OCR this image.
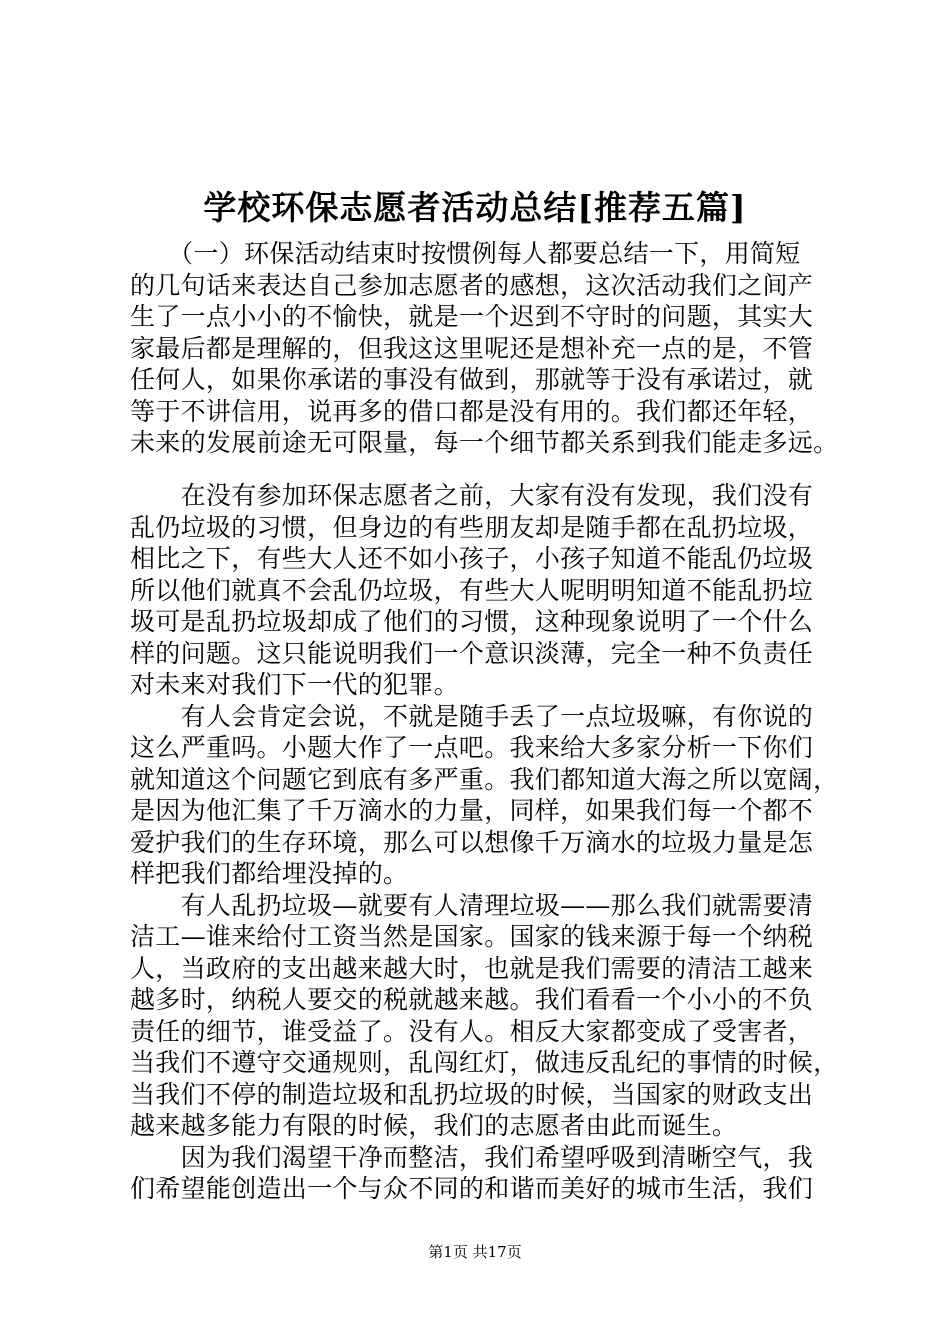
学校环保志愿者活动总结[推荐五篇]
　　（一）环保活动结束时按惯例每人都要总结一下，用简短
的几句话来表达自己参加志愿者的感想，这次活动我们之间产
生了一点小小的不愉快，就是一个迟到不守时的问题，其实大
家最后都是理解的，但我这这里呢还是想补充一点的是，不管
任何人，如果你承诺的事没有做到，那就等于没有承诺过，就
等于不讲信用，说再多的借口都是没有用的。我们都还年轻，
未来的发展前途无可限量，每一个细节都关系到我们能走多远。
　　在没有参加环保志愿者之前，大家有没有发现，我们没有
乱仍垃圾的习惯，但身边的有些朋友却是随手都在乱扔垃圾，
相比之下，有些大人还不如小孩子，小孩子知道不能乱仍垃圾
所以他们就真不会乱仍垃圾，有些大人呢明明知道不能乱扔垃
圾可是乱扔垃圾却成了他们的习惯，这种现象说明了一个什么
样的问题。这只能说明我们一个意识淡薄，完全一种不负责任
对未来对我们下一代的犯罪。
　　有人会肯定会说，不就是随手丢了一点垃圾嘛，有你说的
这么严重吗。小题大作了一点吧。我来给大多家分析一下你们
就知道这个问题它到底有多严重。我们都知道大海之所以宽阔，
是因为他汇集了千万滴水的力量，同样，如果我们每一个都不
爱护我们的生存环境，那么可以想像千万滴水的垃圾力量是怎
样把我们都给埋没掉的。
　　有人乱扔垃圾—就要有人清理垃圾——那么我们就需要清
洁工—谁来给付工资当然是国家。国家的钱来源于每一个纳税
人，当政府的支出越来越大时，也就是我们需要的清洁工越来
越多时，纳税人要交的税就越来越。我们看看一个小小的不负
责任的细节，谁受益了。没有人。相反大家都变成了受害者，
当我们不遵守交通规则，乱闯红灯，做违反乱纪的事情的时候，
当我们不停的制造垃圾和乱扔垃圾的时候，当国家的财政支出
越来越多能力有限的时候，我们的志愿者由此而诞生。
　　因为我们渴望干净而整洁，我们希望呼吸到清晰空气，我
们希望能创造出一个与众不同的和谐而美好的城市生活，我们
第1页 共17页
